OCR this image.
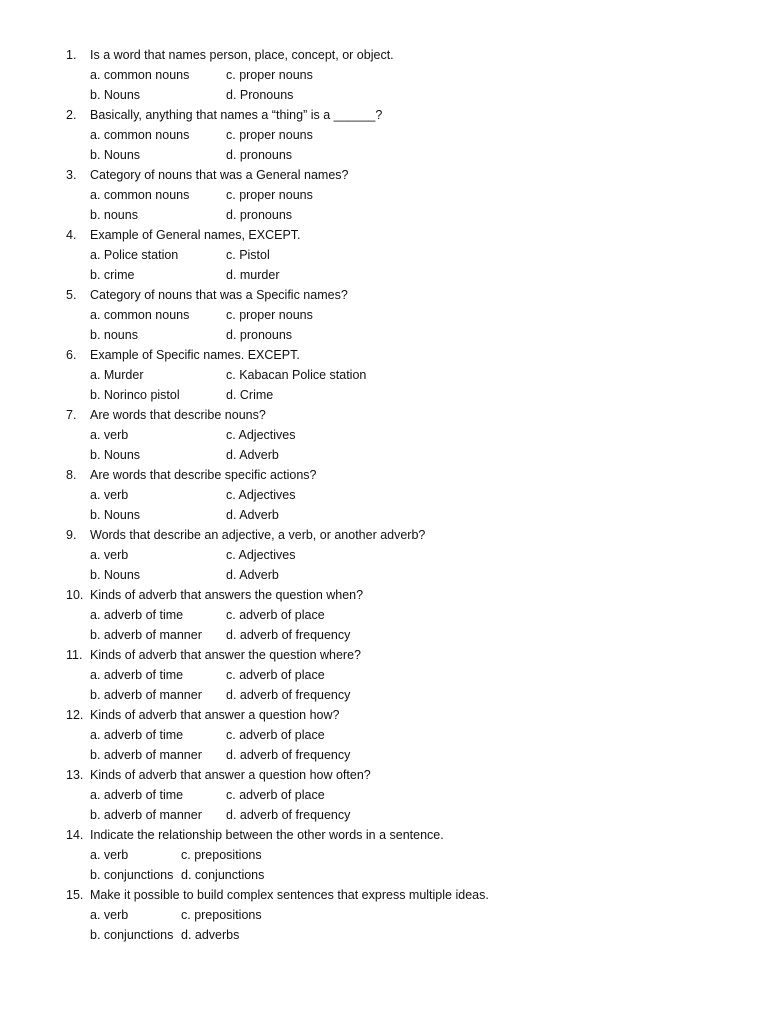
1.	Is a word that names person, place, concept, or object.
a. common nouns	c. proper nouns
b. Nouns	d. Pronouns
2.	Basically, anything that names a “thing” is a ______?
a. common nouns	c. proper nouns
b. Nouns	d. pronouns
3.	Category of nouns that was a General names?
a. common nouns	c. proper nouns
b. nouns	d. pronouns
4.	Example of General names, EXCEPT.
a. Police station	c. Pistol
b. crime	d. murder
5.	Category of nouns that was a Specific names?
a. common nouns	c. proper nouns
b. nouns	d. pronouns
6.	Example of Specific names. EXCEPT.
a. Murder	c. Kabacan Police station
b. Norinco pistol	d. Crime
7.	Are words that describe nouns?
a. verb	c. Adjectives
b. Nouns	d. Adverb
8.	Are words that describe specific actions?
a. verb	c. Adjectives
b. Nouns	d. Adverb
9.	Words that describe an adjective, a verb, or another adverb?
a. verb	c. Adjectives
b. Nouns	d. Adverb
10. Kinds of adverb that answers the question when?
a. adverb of time	c. adverb of place
b. adverb of manner d. adverb of frequency
11. Kinds of adverb that answer the question where?
a. adverb of time	c. adverb of place
b. adverb of manner d. adverb of frequency
12. Kinds of adverb that answer a question how?
a. adverb of time	c. adverb of place
b. adverb of manner d. adverb of frequency
13. Kinds of adverb that answer a question how often?
a. adverb of time	c. adverb of place
b. adverb of manner d. adverb of frequency
14. Indicate the relationship between the other words in a sentence.
a. verb	c. prepositions
b. conjunctions d. conjunctions
15. Make it possible to build complex sentences that express multiple ideas.
a. verb	c. prepositions
b. conjunctions d. adverbs
